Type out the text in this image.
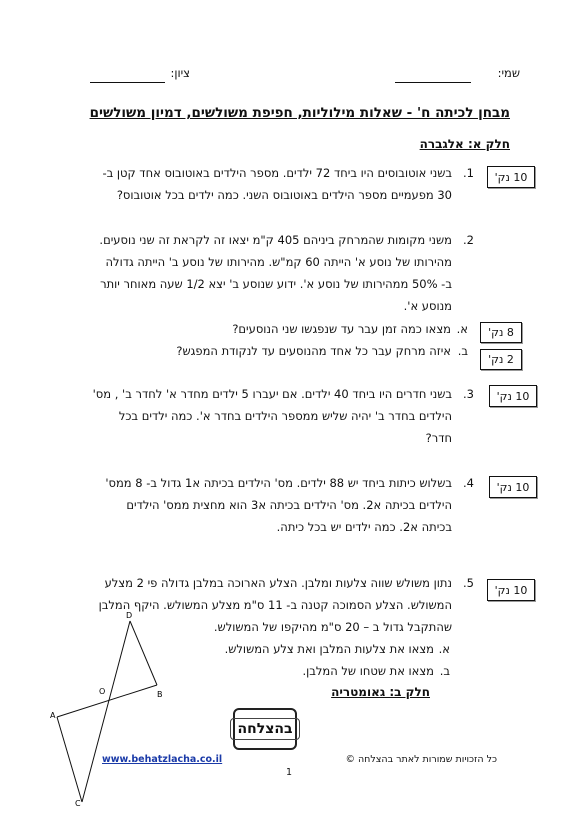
שמי:
ציון:
מבחן לכיתה ח' - שאלות מילוליות, חפיפת משולשים, דמיון משולשים
חלק א: אלגברה
1.
בשני אוטובוסים היו ביחד 72 ילדים. מספר הילדים באוטובוס אחד קטן ב-
30 מפעמיים מספר הילדים באוטובוס השני. כמה ילדים בכל אוטובוס?
10 נק'
2.
משני מקומות שהמרחק ביניהם 405 ק"מ יצאו זה לקראת זה שני נוסעים.
מהירותו של נוסע א' הייתה 60 קמ"ש. מהירותו של נוסע ב' הייתה גדולה
ב- 50% ממהירותו של נוסע א'. ידוע שנוסע ב' יצא 1/2 שעה מאוחר יותר
מנוסע א'.
א.
מצאו כמה זמן עבר עד שנפגשו שני הנוסעים?	8 נק'
ב.
איזה מרחק עבר כל אחד מהנוסעים עד לנקודת המפגש?
2 נק'
3.
בשני חדרים היו ביחד 40 ילדים. אם יעברו 5 ילדים מחדר א' לחדר ב' , מס'
הילדים בחדר ב' יהיה שליש ממספר הילדים בחדר א'. כמה ילדים בכל
חדר?
10 נק'
4.
בשלוש כיתות ביחד יש 88 ילדים. מס' הילדים בכיתה א1 גדול ב- 8 ממס'
הילדים בכיתה א2. מס' הילדים בכיתה א3 הוא מחצית ממס' הילדים
בכיתה א2. כמה ילדים יש בכל כיתה.
10 נק'
5.
נתון משולש שווה צלעות ומלבן. הצלע הארוכה במלבן גדולה פי 2 מצלע
המשולש. הצלע הסמוכה קטנה ב- 11 ס"מ מצלע המשולש. היקף המלבן
שהתקבל גדול ב – 20 ס"מ מהיקפו של המשולש.
א.
מצאו את צלעות המלבן ואת צלע המשולש.
ב.
מצאו את שטחו של המלבן.
10 נק'
חלק ב: גאומטריה
D
O	B
A
C
בהצלחה
www.behatzlacha.co.il	כל הזכויות שמורות לאתר בהצלחה ©
1
